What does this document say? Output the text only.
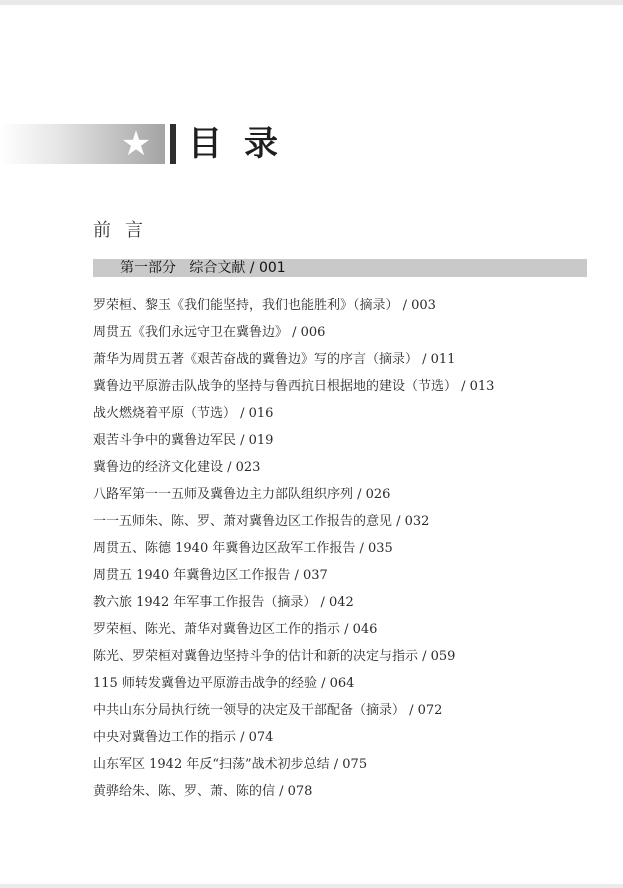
★ 目录
前言
第一部分   综合文献 / 001
罗荣桓、黎玉《我们能坚持，我们也能胜利》（摘录） / 003
周贯五《我们永远守卫在冀鲁边》 / 006
萧华为周贯五著《艰苦奋战的冀鲁边》写的序言（摘录） / 011
冀鲁边平原游击队战争的坚持与鲁西抗日根据地的建设（节选） / 013
战火燃烧着平原（节选） / 016
艰苦斗争中的冀鲁边军民 / 019
冀鲁边的经济文化建设 / 023
八路军第一一五师及冀鲁边主力部队组织序列 / 026
一一五师朱、陈、罗、萧对冀鲁边区工作报告的意见 / 032
周贯五、陈德 1940 年冀鲁边区敌军工作报告 / 035
周贯五 1940 年冀鲁边区工作报告 / 037
教六旅 1942 年军事工作报告（摘录） / 042
罗荣桓、陈光、萧华对冀鲁边区工作的指示 / 046
陈光、罗荣桓对冀鲁边坚持斗争的估计和新的决定与指示 / 059
115 师转发冀鲁边平原游击战争的经验 / 064
中共山东分局执行统一领导的决定及干部配备（摘录） / 072
中央对冀鲁边工作的指示 / 074
山东军区 1942 年反“扫荡”战术初步总结 / 075
黄骅给朱、陈、罗、萧、陈的信 / 078
